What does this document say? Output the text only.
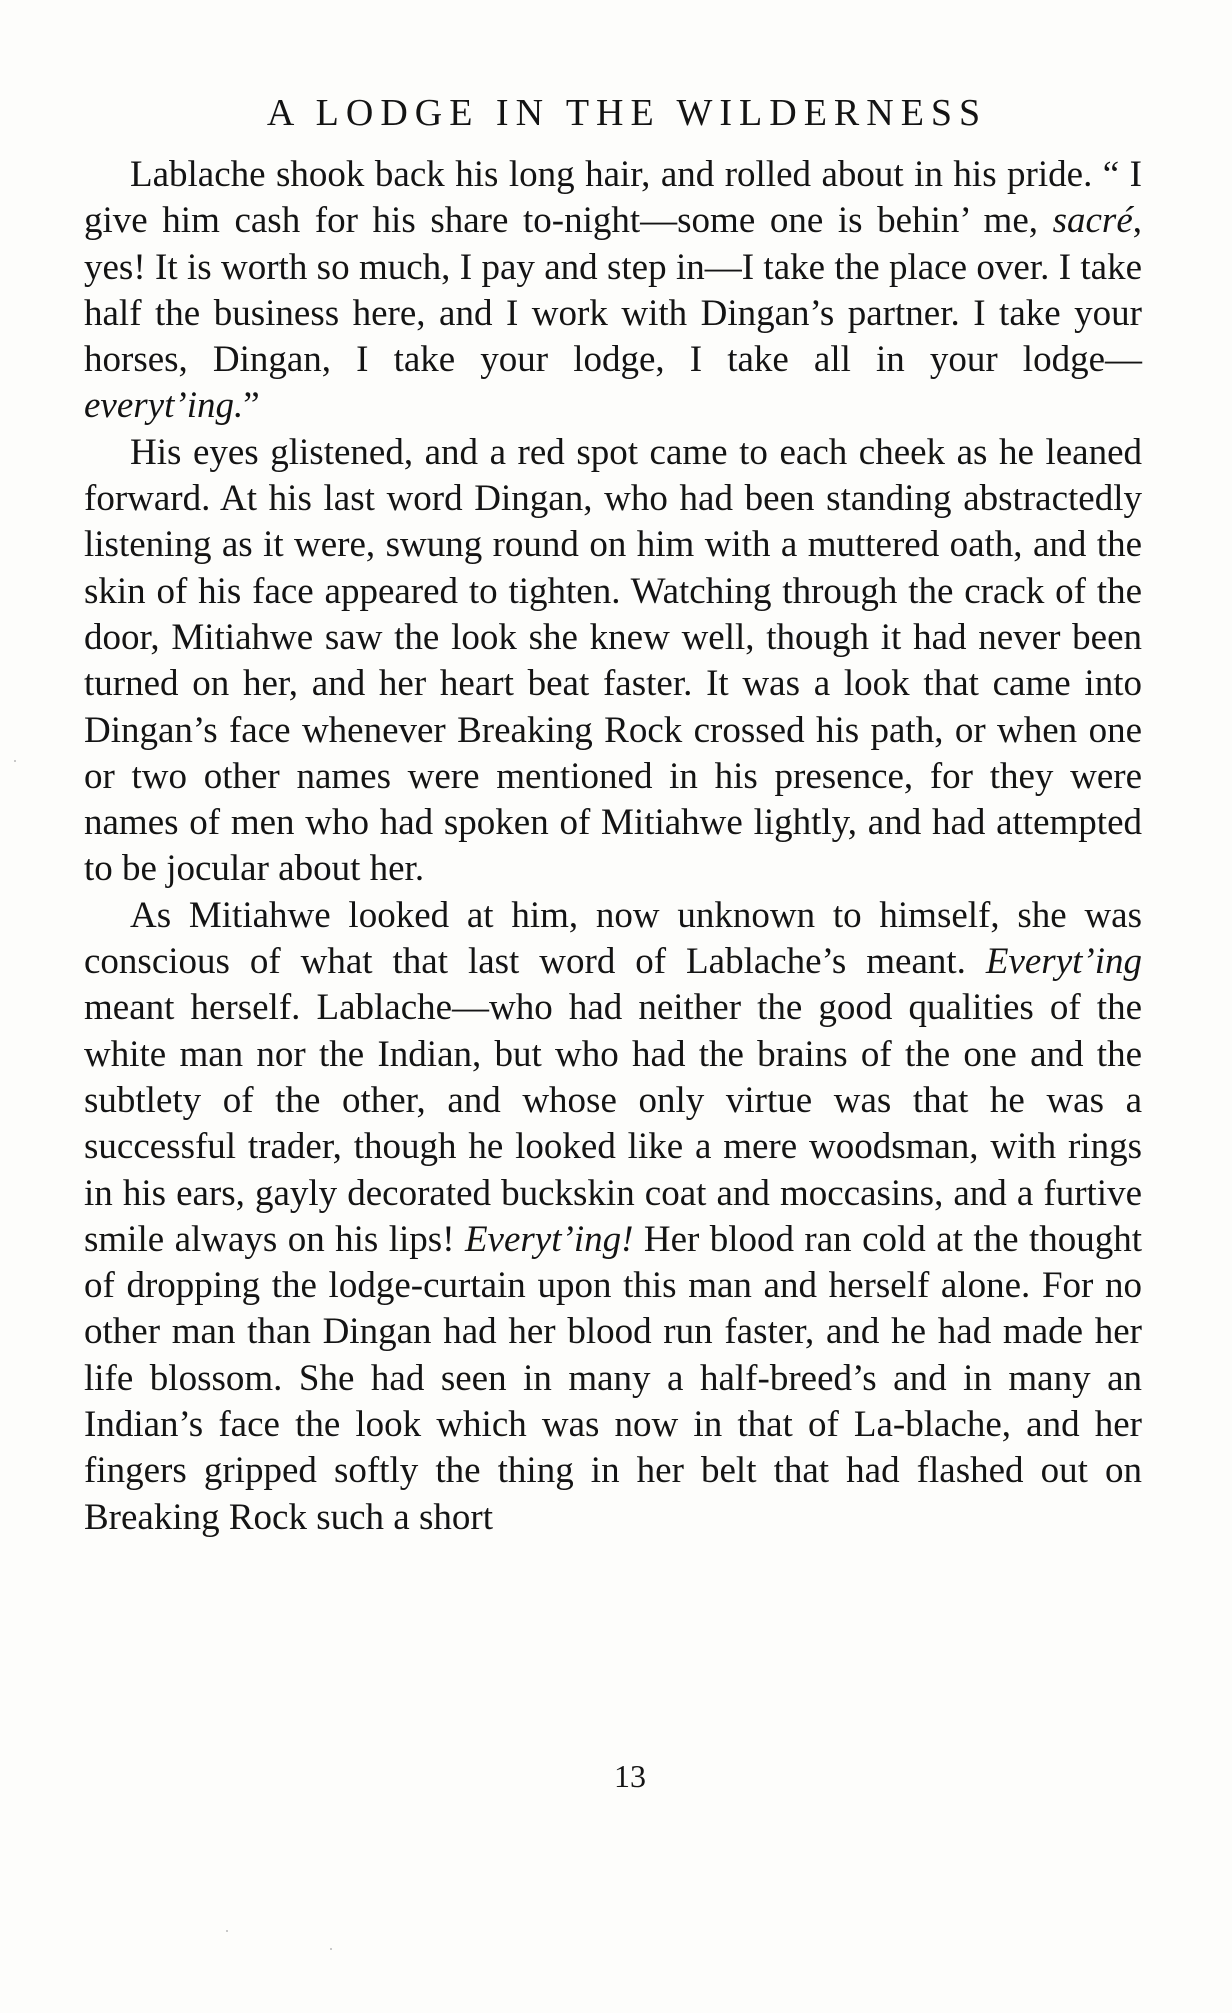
A LODGE IN THE WILDERNESS

Lablache shook back his long hair, and rolled about in his pride. “ I give him cash for his share to-night—some one is behin’ me, sacré, yes! It is worth so much, I pay and step in—I take the place over. I take half the business here, and I work with Dingan’s partner. I take your horses, Dingan, I take your lodge, I take all in your lodge—everyt’ing.”

His eyes glistened, and a red spot came to each cheek as he leaned forward. At his last word Dingan, who had been standing abstractedly listening as it were, swung round on him with a muttered oath, and the skin of his face appeared to tighten. Watching through the crack of the door, Mitiahwe saw the look she knew well, though it had never been turned on her, and her heart beat faster. It was a look that came into Dingan’s face whenever Breaking Rock crossed his path, or when one or two other names were mentioned in his presence, for they were names of men who had spoken of Mitiahwe lightly, and had attempted to be jocular about her.

As Mitiahwe looked at him, now unknown to himself, she was conscious of what that last word of Lablache’s meant. Everyt’ing meant herself. Lablache—who had neither the good qualities of the white man nor the Indian, but who had the brains of the one and the subtlety of the other, and whose only virtue was that he was a successful trader, though he looked like a mere woodsman, with rings in his ears, gayly decorated buckskin coat and moccasins, and a furtive smile always on his lips! Everyt’ing! Her blood ran cold at the thought of dropping the lodge-curtain upon this man and herself alone. For no other man than Dingan had her blood run faster, and he had made her life blossom. She had seen in many a half-breed’s and in many an Indian’s face the look which was now in that of La-blache, and her fingers gripped softly the thing in her belt that had flashed out on Breaking Rock such a short

13
